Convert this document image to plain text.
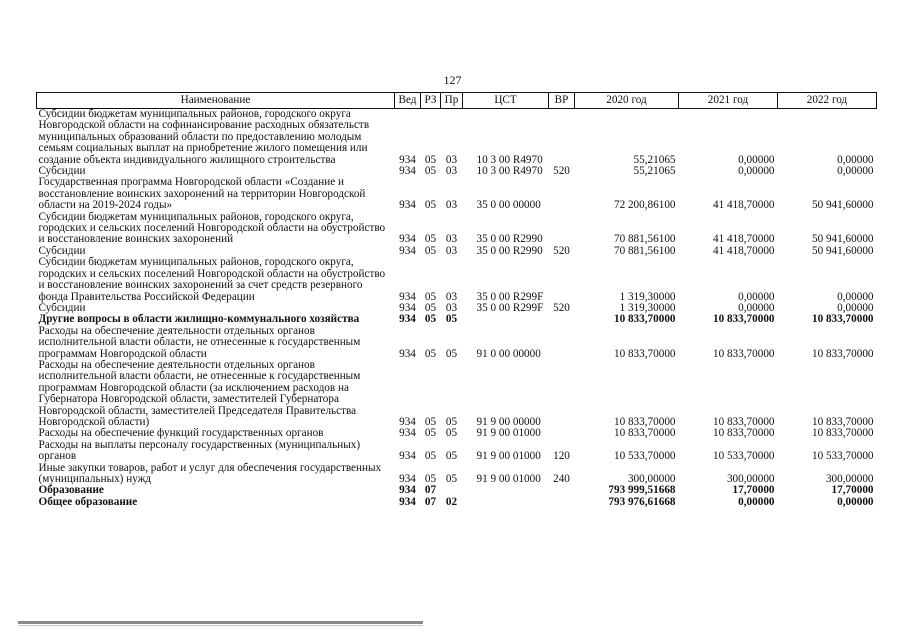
127
Наименование	Вед	РЗ	Пр	ЦСТ	ВР	2020 год	2021 год	2022 год
Субсидии бюджетам муниципальных районов, городского округа Новгородской области на софинансирование расходных обязательств муниципальных образований области по предоставлению молодым семьям социальных выплат на приобретение жилого помещения или создание объекта индивидуального жилищного строительства	934	05	03	10 3 00 R4970		55,21065	0,00000	0,00000
Субсидии	934	05	03	10 3 00 R4970	520	55,21065	0,00000	0,00000
Государственная программа Новгородской области «Создание и восстановление воинских захоронений на территории Новгородской области на 2019-2024 годы»	934	05	03	35 0 00 00000		72 200,86100	41 418,70000	50 941,60000
Субсидии бюджетам муниципальных районов, городского округа, городских и сельских поселений Новгородской области на обустройство и восстановление воинских захоронений	934	05	03	35 0 00 R2990		70 881,56100	41 418,70000	50 941,60000
Субсидии	934	05	03	35 0 00 R2990	520	70 881,56100	41 418,70000	50 941,60000
Субсидии бюджетам муниципальных районов, городского округа, городских и сельских поселений Новгородской области на обустройство и восстановление воинских захоронений за счет средств резервного фонда Правительства Российской Федерации	934	05	03	35 0 00 R299F		1 319,30000	0,00000	0,00000
Субсидии	934	05	03	35 0 00 R299F	520	1 319,30000	0,00000	0,00000
Другие вопросы в области жилищно-коммунального хозяйства	934	05	05			10 833,70000	10 833,70000	10 833,70000
Расходы на обеспечение деятельности отдельных органов исполнительной власти области, не отнесенные к государственным программам Новгородской области	934	05	05	91 0 00 00000		10 833,70000	10 833,70000	10 833,70000
Расходы на обеспечение деятельности отдельных органов исполнительной власти области, не отнесенные к государственным программам Новгородской области (за исключением расходов на Губернатора Новгородской области, заместителей Губернатора Новгородской области, заместителей Председателя Правительства Новгородской области)	934	05	05	91 9 00 00000		10 833,70000	10 833,70000	10 833,70000
Расходы на обеспечение функций государственных органов	934	05	05	91 9 00 01000		10 833,70000	10 833,70000	10 833,70000
Расходы на выплаты персоналу государственных (муниципальных) органов	934	05	05	91 9 00 01000	120	10 533,70000	10 533,70000	10 533,70000
Иные закупки товаров, работ и услуг для обеспечения государственных (муниципальных) нужд	934	05	05	91 9 00 01000	240	300,00000	300,00000	300,00000
Образование	934	07				793 999,51668	17,70000	17,70000
Общее образование	934	07	02			793 976,61668	0,00000	0,00000
